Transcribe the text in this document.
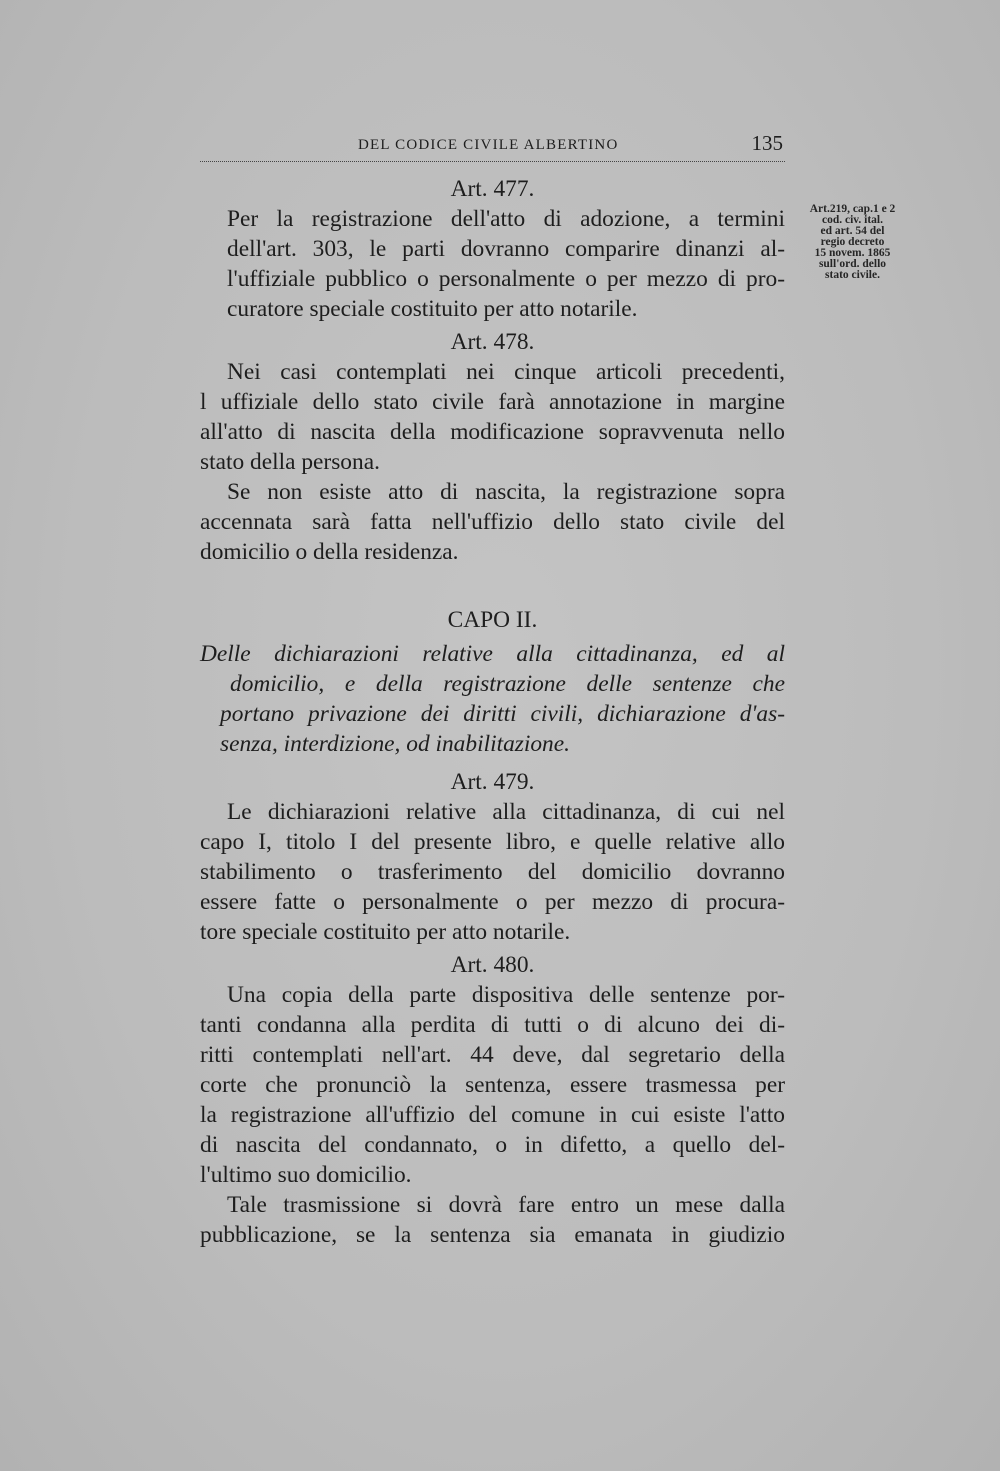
DEL CODICE CIVILE ALBERTINO	135
Art.219, cap.1 e 2
cod. civ. ital.
ed art. 54 del
regio decreto
15 novem. 1865
sull'ord. dello
stato civile.
Art. 477.
Per la registrazione dell'atto di adozione, a termini
dell'art. 303, le parti dovranno comparire dinanzi al-
l'uffiziale pubblico o personalmente o per mezzo di pro-
curatore speciale costituito per atto notarile.
Art. 478.
Nei casi contemplati nei cinque articoli precedenti,
l uffiziale dello stato civile farà annotazione in margine
all'atto di nascita della modificazione sopravvenuta nello
stato della persona.
Se non esiste atto di nascita, la registrazione sopra
accennata sarà fatta nell'uffizio dello stato civile del
domicilio o della residenza.
CAPO II.
Delle dichiarazioni relative alla cittadinanza, ed al
domicilio, e della registrazione delle sentenze che
portano privazione dei diritti civili, dichiarazione d'as-
senza, interdizione, od inabilitazione.
Art. 479.
Le dichiarazioni relative alla cittadinanza, di cui nel
capo I, titolo I del presente libro, e quelle relative allo
stabilimento o trasferimento del domicilio dovranno
essere fatte o personalmente o per mezzo di procura-
tore speciale costituito per atto notarile.
Art. 480.
Una copia della parte dispositiva delle sentenze por-
tanti condanna alla perdita di tutti o di alcuno dei di-
ritti contemplati nell'art. 44 deve, dal segretario della
corte che pronunciò la sentenza, essere trasmessa per
la registrazione all'uffizio del comune in cui esiste l'atto
di nascita del condannato, o in difetto, a quello del-
l'ultimo suo domicilio.
Tale trasmissione si dovrà fare entro un mese dalla
pubblicazione, se la sentenza sia emanata in giudizio
